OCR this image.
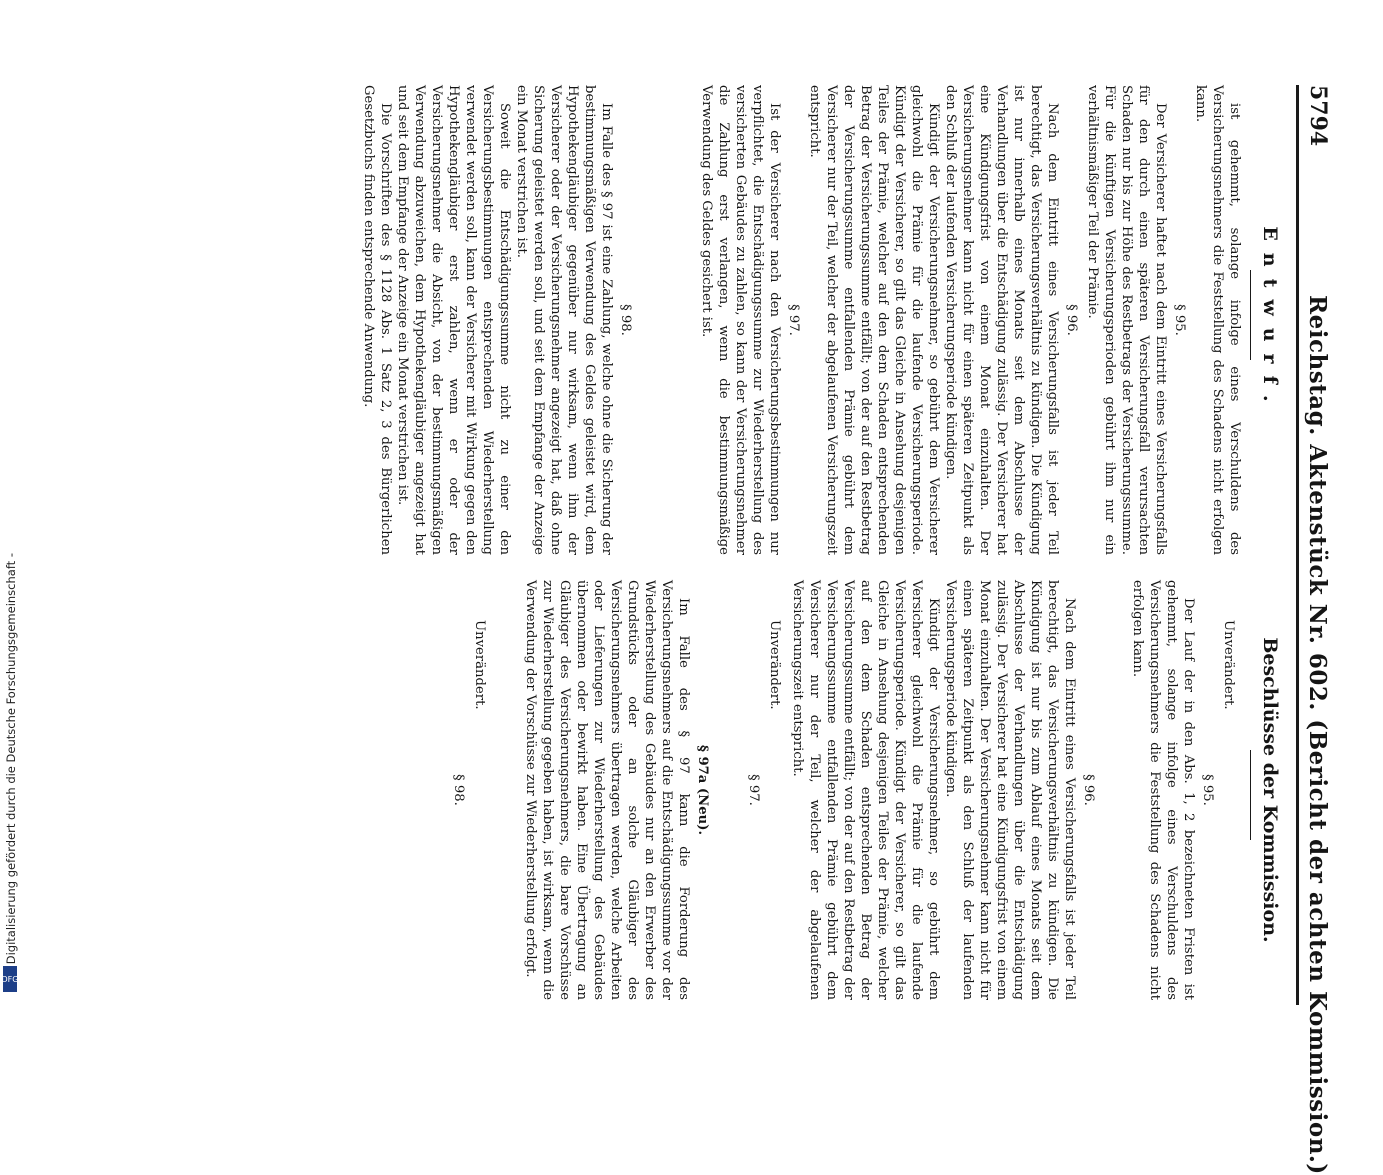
5794
Reichstag. Aktenstück Nr. 602. (Bericht der achten Kommission.)
Entwurf.
Beschlüsse der Kommission.

ist gehemmt, solange infolge eines Verschuldens des Versicherungsnehmers die Feststellung des Schadens nicht erfolgen kann.

§ 95.

Der Versicherer haftet nach dem Eintritt eines Versicherungsfalls für den durch einen späteren Versicherungsfall verursachten Schaden nur bis zur Höhe des Restbetrags der Versicherungssumme. Für die künftigen Versicherungsperioden gebührt ihm nur ein verhältnismäßiger Teil der Prämie.

§ 96.

Nach dem Eintritt eines Versicherungsfalls ist jeder Teil berechtigt, das Versicherungsverhältnis zu kündigen. Die Kündigung ist nur innerhalb eines Monats seit dem Abschlusse der Verhandlungen über die Entschädigung zulässig. Der Versicherer hat eine Kündigungsfrist von einem Monat einzuhalten. Der Versicherungsnehmer kann nicht für einen späteren Zeitpunkt als den Schluß der laufenden Versicherungsperiode kündigen.

Kündigt der Versicherungsnehmer, so gebührt dem Versicherer gleichwohl die Prämie für die laufende Versicherungsperiode. Kündigt der Versicherer, so gilt das Gleiche in Ansehung desjenigen Teiles der Prämie, welcher auf den dem Schaden entsprechenden Betrag der Versicherungssumme entfällt; von der auf den Restbetrag der Versicherungssumme entfallenden Prämie gebührt dem Versicherer nur der Teil, welcher der abgelaufenen Versicherungszeit entspricht.

§ 97.

Ist der Versicherer nach den Versicherungsbestimmungen nur verpflichtet, die Entschädigungssumme zur Wiederherstellung des versicherten Gebäudes zu zahlen, so kann der Versicherungsnehmer die Zahlung erst verlangen, wenn die bestimmungsmäßige Verwendung des Geldes gesichert ist.

§ 98.

Im Falle des § 97 ist eine Zahlung, welche ohne die Sicherung der bestimmungsmäßigen Verwendung des Geldes geleistet wird, dem Hypothekengläubiger gegenüber nur wirksam, wenn ihm der Versicherer oder der Versicherungsnehmer angezeigt hat, daß ohne Sicherung geleistet werden soll, und seit dem Empfange der Anzeige ein Monat verstrichen ist.

Soweit die Entschädigungssumme nicht zu einer den Versicherungsbestimmungen entsprechenden Wiederherstellung verwendet werden soll, kann der Versicherer mit Wirkung gegen den Hypothekengläubiger erst zahlen, wenn er oder der Versicherungsnehmer die Absicht, von der bestimmungsmäßigen Verwendung abzuweichen, dem Hypothekengläubiger angezeigt hat und seit dem Empfange der Anzeige ein Monat verstrichen ist.

Die Vorschriften des § 1128 Abs. 1 Satz 2, 3 des Bürgerlichen Gesetzbuchs finden entsprechende Anwendung.

Unverändert.

§ 95.

Der Lauf der in den Abs. 1, 2 bezeichneten Fristen ist gehemmt, solange infolge eines Verschuldens des Versicherungsnehmers die Feststellung des Schadens nicht erfolgen kann.

§ 96.

Nach dem Eintritt eines Versicherungsfalls ist jeder Teil berechtigt, das Versicherungsverhältnis zu kündigen. Die Kündigung ist nur bis zum Ablauf eines Monats seit dem Abschlusse der Verhandlungen über die Entschädigung zulässig. Der Versicherer hat eine Kündigungsfrist von einem Monat einzuhalten. Der Versicherungsnehmer kann nicht für einen späteren Zeitpunkt als den Schluß der laufenden Versicherungsperiode kündigen.

Kündigt der Versicherungsnehmer, so gebührt dem Versicherer gleichwohl die Prämie für die laufende Versicherungsperiode. Kündigt der Versicherer, so gilt das Gleiche in Ansehung desjenigen Teiles der Prämie, welcher auf den dem Schaden entsprechenden Betrag der Versicherungssumme entfällt; von der auf den Restbetrag der Versicherungssumme entfallenden Prämie gebührt dem Versicherer nur der Teil, welcher der abgelaufenen Versicherungszeit entspricht.

Unverändert.

§ 97.

§ 97a (Neu).

Im Falle des § 97 kann die Forderung des Versicherungsnehmers auf die Entschädigungssumme vor der Wiederherstellung des Gebäudes nur an den Erwerber des Grundstücks oder an solche Gläubiger des Versicherungsnehmers übertragen werden, welche Arbeiten oder Lieferungen zur Wiederherstellung des Gebäudes übernommen oder bewirkt haben. Eine Übertragung an Gläubiger des Versicherungsnehmers, die bare Vorschüsse zur Wiederherstellung gegeben haben, ist wirksam, wenn die Verwendung der Vorschüsse zur Wiederherstellung erfolgt.

Unverändert.

§ 98.

Digitalisierung gefördert durch die Deutsche Forschungsgemeinschaft -
DFG
